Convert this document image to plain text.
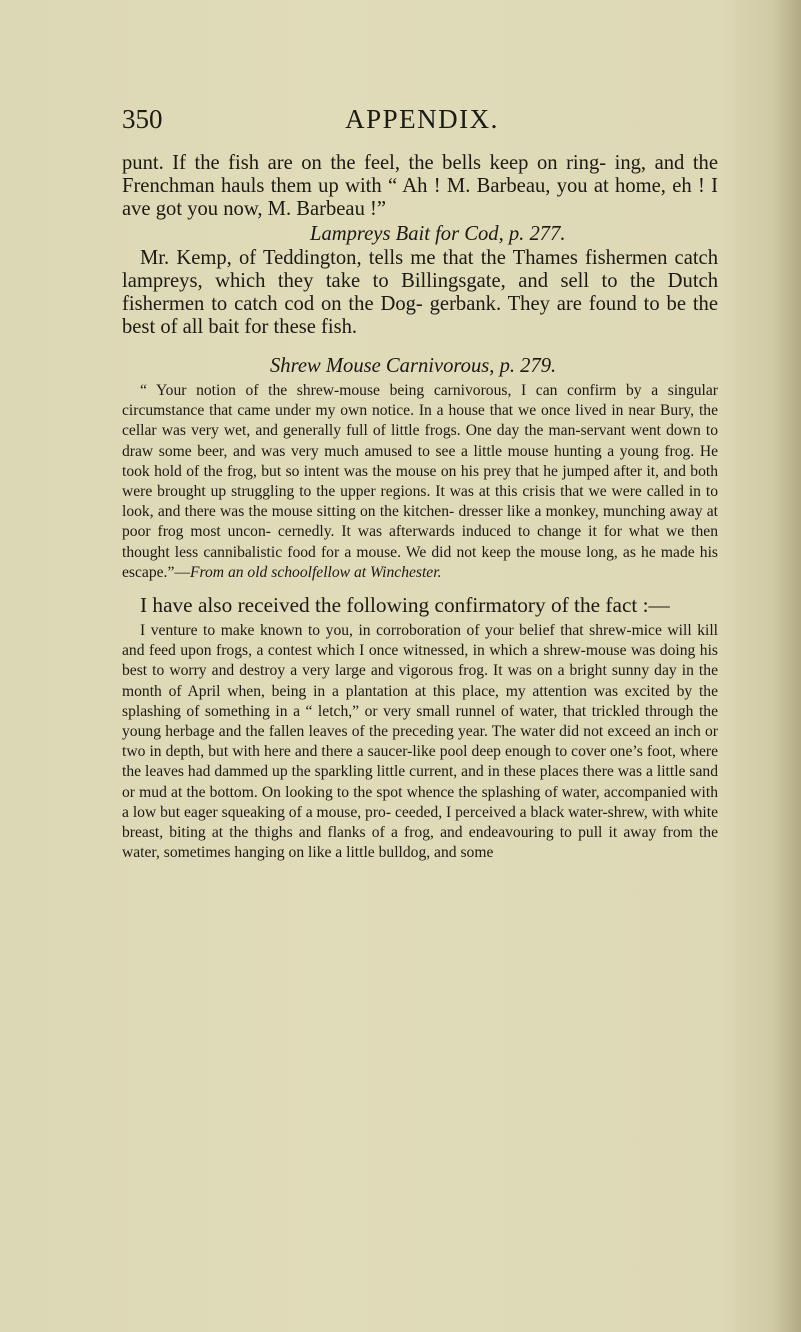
350	APPENDIX.

punt. If the fish are on the feel, the bells keep on ring- ing, and the Frenchman hauls them up with “ Ah ! M. Barbeau, you at home, eh ! I ave got you now, M. Barbeau !”

Lampreys Bait for Cod, p. 277.

Mr. Kemp, of Teddington, tells me that the Thames fishermen catch lampreys, which they take to Billingsgate, and sell to the Dutch fishermen to catch cod on the Dog- gerbank. They are found to be the best of all bait for these fish.

Shrew Mouse Carnivorous, p. 279.

“ Your notion of the shrew-mouse being carnivorous, I can confirm by a singular circumstance that came under my own notice. In a house that we once lived in near Bury, the cellar was very wet, and generally full of little frogs. One day the man-servant went down to draw some beer, and was very much amused to see a little mouse hunting a young frog. He took hold of the frog, but so intent was the mouse on his prey that he jumped after it, and both were brought up struggling to the upper regions. It was at this crisis that we were called in to look, and there was the mouse sitting on the kitchen- dresser like a monkey, munching away at poor frog most uncon- cernedly. It was afterwards induced to change it for what we then thought less cannibalistic food for a mouse. We did not keep the mouse long, as he made his escape.”—From an old schoolfellow at Winchester.

I have also received the following confirmatory of the fact :—

I venture to make known to you, in corroboration of your belief that shrew-mice will kill and feed upon frogs, a contest which I once witnessed, in which a shrew-mouse was doing his best to worry and destroy a very large and vigorous frog. It was on a bright sunny day in the month of April when, being in a plantation at this place, my attention was excited by the splashing of something in a “ letch,” or very small runnel of water, that trickled through the young herbage and the fallen leaves of the preceding year. The water did not exceed an inch or two in depth, but with here and there a saucer-like pool deep enough to cover one’s foot, where the leaves had dammed up the sparkling little current, and in these places there was a little sand or mud at the bottom. On looking to the spot whence the splashing of water, accompanied with a low but eager squeaking of a mouse, pro- ceeded, I perceived a black water-shrew, with white breast, biting at the thighs and flanks of a frog, and endeavouring to pull it away from the water, sometimes hanging on like a little bulldog, and some
